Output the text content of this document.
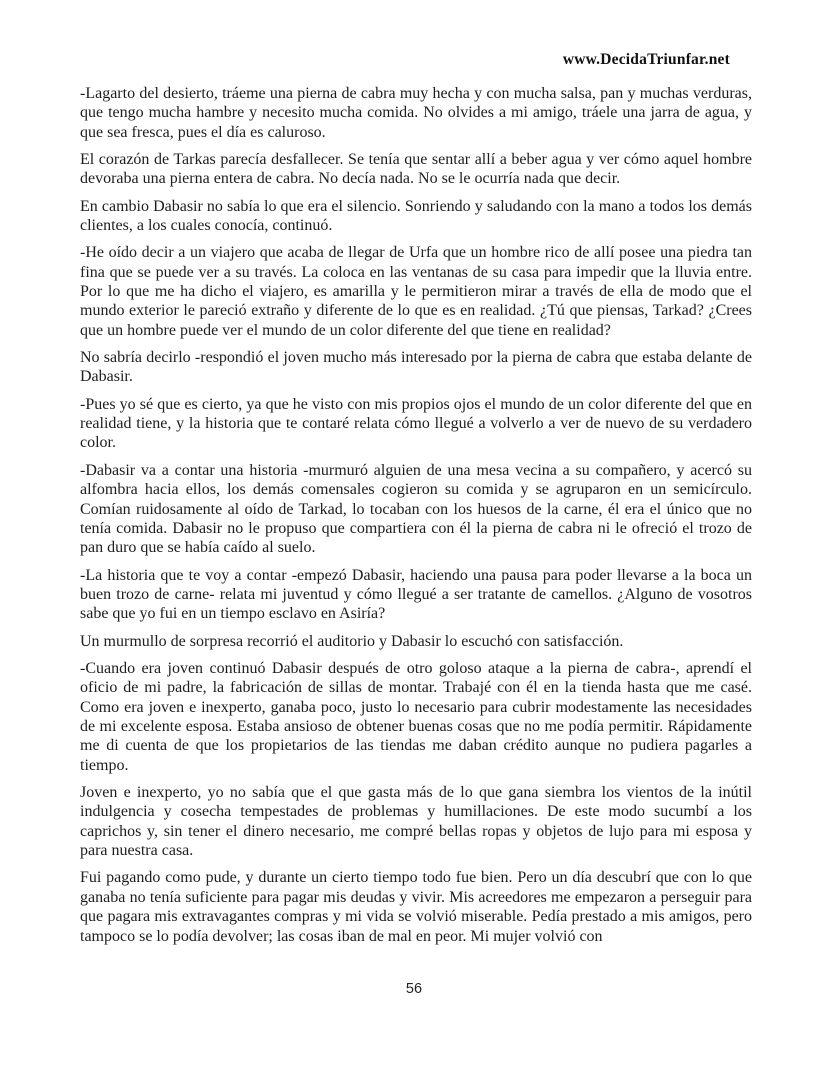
www.DecidaTriunfar.net

-Lagarto del desierto, tráeme una pierna de cabra muy hecha y con mucha salsa, pan y muchas verduras, que tengo mucha hambre y necesito mucha comida. No olvides a mi amigo, tráele una jarra de agua, y que sea fresca, pues el día es caluroso.

El corazón de Tarkas parecía desfallecer. Se tenía que sentar allí a beber agua y ver cómo aquel hombre devoraba una pierna entera de cabra. No decía nada. No se le ocurría nada que decir.

En cambio Dabasir no sabía lo que era el silencio. Sonriendo y saludando con la mano a todos los demás clientes, a los cuales conocía, continuó.

-He oído decir a un viajero que acaba de llegar de Urfa que un hombre rico de allí posee una piedra tan fina que se puede ver a su través. La coloca en las ventanas de su casa para impedir que la lluvia entre. Por lo que me ha dicho el viajero, es amarilla y le permitieron mirar a través de ella de modo que el mundo exterior le pareció extraño y diferente de lo que es en realidad. ¿Tú que piensas, Tarkad? ¿Crees que un hombre puede ver el mundo de un color diferente del que tiene en realidad?

No sabría decirlo -respondió el joven mucho más interesado por la pierna de cabra que estaba delante de Dabasir.

-Pues yo sé que es cierto, ya que he visto con mis propios ojos el mundo de un color diferente del que en realidad tiene, y la historia que te contaré relata cómo llegué a volverlo a ver de nuevo de su verdadero color.

-Dabasir va a contar una historia -murmuró alguien de una mesa vecina a su compañero, y acercó su alfombra hacia ellos, los demás comensales cogieron su comida y se agruparon en un semicírculo. Comían ruidosamente al oído de Tarkad, lo tocaban con los huesos de la carne, él era el único que no tenía comida. Dabasir no le propuso que compartiera con él la pierna de cabra ni le ofreció el trozo de pan duro que se había caído al suelo.

-La historia que te voy a contar -empezó Dabasir, haciendo una pausa para poder llevarse a la boca un buen trozo de carne- relata mi juventud y cómo llegué a ser tratante de camellos. ¿Alguno de vosotros sabe que yo fui en un tiempo esclavo en Asiría?

Un murmullo de sorpresa recorrió el auditorio y Dabasir lo escuchó con satisfacción.

-Cuando era joven continuó Dabasir después de otro goloso ataque a la pierna de cabra-, aprendí el oficio de mi padre, la fabricación de sillas de montar. Trabajé con él en la tienda hasta que me casé. Como era joven e inexperto, ganaba poco, justo lo necesario para cubrir modestamente las necesidades de mi excelente esposa. Estaba ansioso de obtener buenas cosas que no me podía permitir. Rápidamente me di cuenta de que los propietarios de las tiendas me daban crédito aunque no pudiera pagarles a tiempo.

Joven e inexperto, yo no sabía que el que gasta más de lo que gana siembra los vientos de la inútil indulgencia y cosecha tempestades de problemas y humillaciones. De este modo sucumbí a los caprichos y, sin tener el dinero necesario, me compré bellas ropas y objetos de lujo para mi esposa y para nuestra casa.

Fui pagando como pude, y durante un cierto tiempo todo fue bien. Pero un día descubrí que con lo que ganaba no tenía suficiente para pagar mis deudas y vivir. Mis acreedores me empezaron a perseguir para que pagara mis extravagantes compras y mi vida se volvió miserable. Pedía prestado a mis amigos, pero tampoco se lo podía devolver; las cosas iban de mal en peor. Mi mujer volvió con

56
